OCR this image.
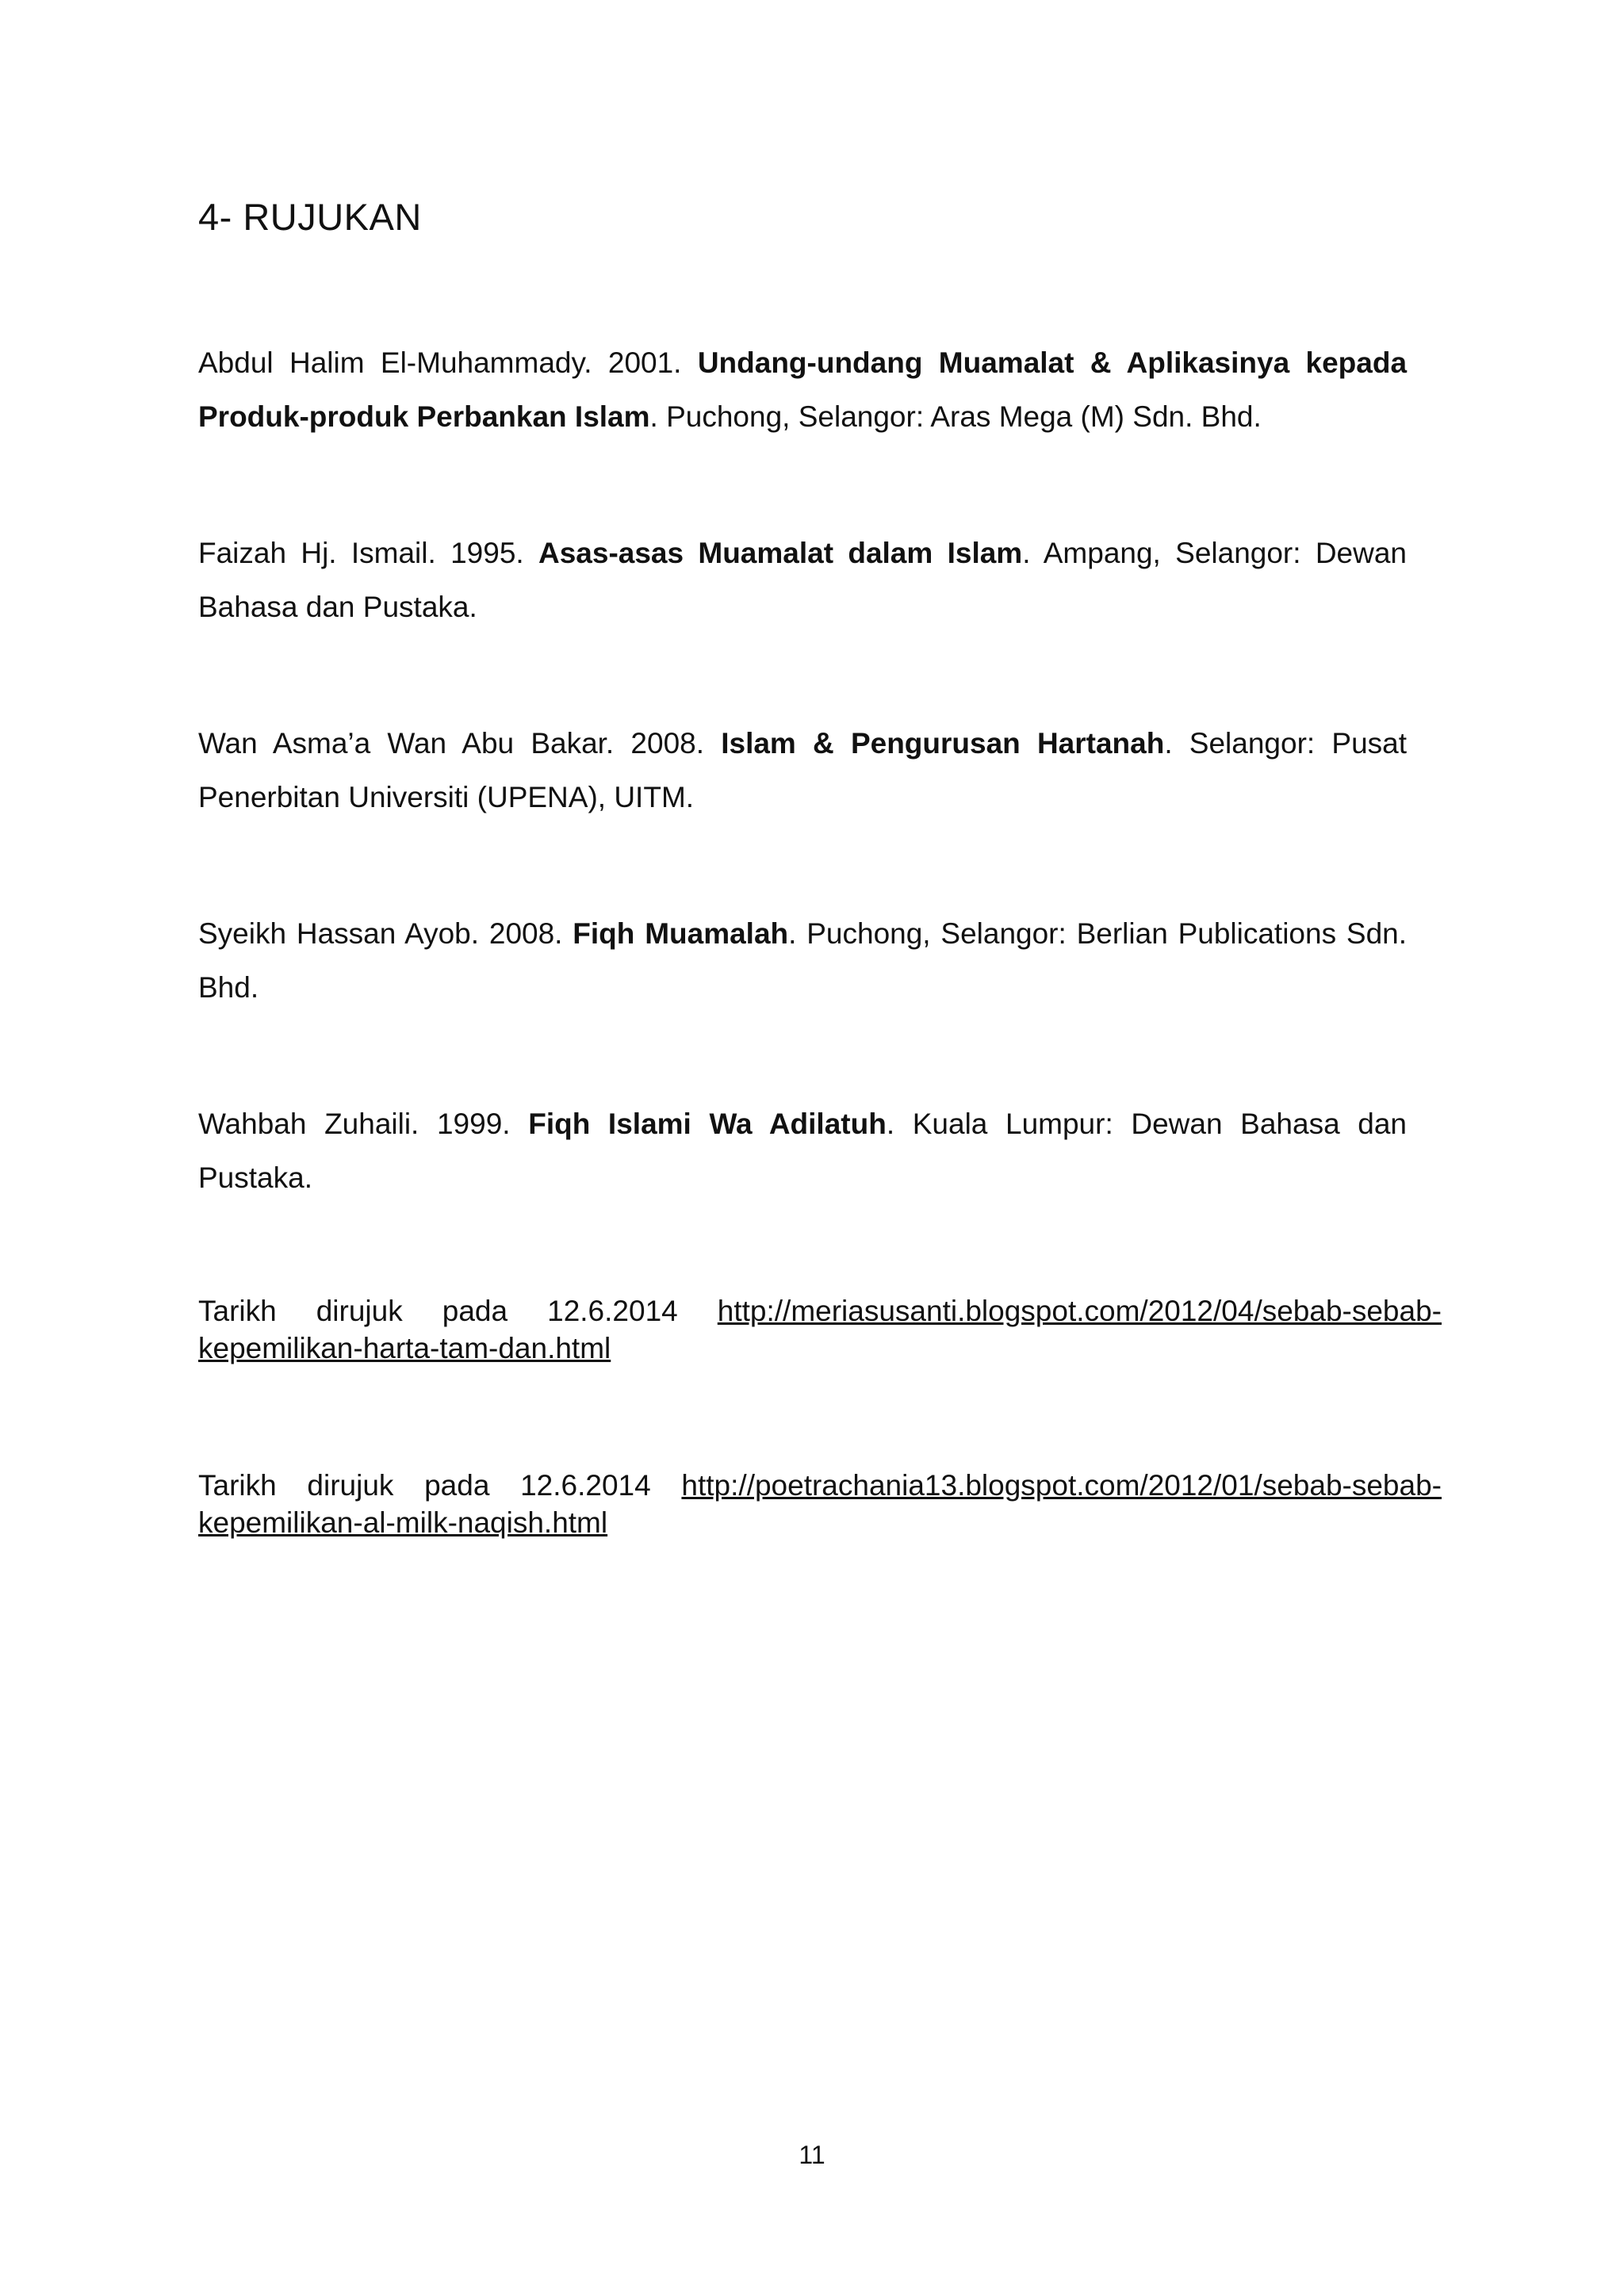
4- RUJUKAN

Abdul Halim El-Muhammady. 2001. Undang-undang Muamalat & Aplikasinya kepada Produk-produk Perbankan Islam. Puchong, Selangor: Aras Mega (M) Sdn. Bhd.

Faizah Hj. Ismail. 1995. Asas-asas Muamalat dalam Islam. Ampang, Selangor: Dewan Bahasa dan Pustaka.

Wan Asma’a Wan Abu Bakar. 2008. Islam & Pengurusan Hartanah. Selangor: Pusat Penerbitan Universiti (UPENA), UITM.

Syeikh Hassan Ayob. 2008. Fiqh Muamalah. Puchong, Selangor: Berlian Publications Sdn. Bhd.

Wahbah Zuhaili. 1999. Fiqh Islami Wa Adilatuh. Kuala Lumpur: Dewan Bahasa dan Pustaka.

Tarikh dirujuk pada 12.6.2014 http://meriasusanti.blogspot.com/2012/04/sebab-sebab-kepemilikan-harta-tam-dan.html

Tarikh dirujuk pada 12.6.2014 http://poetrachania13.blogspot.com/2012/01/sebab-sebab-kepemilikan-al-milk-naqish.html

11
